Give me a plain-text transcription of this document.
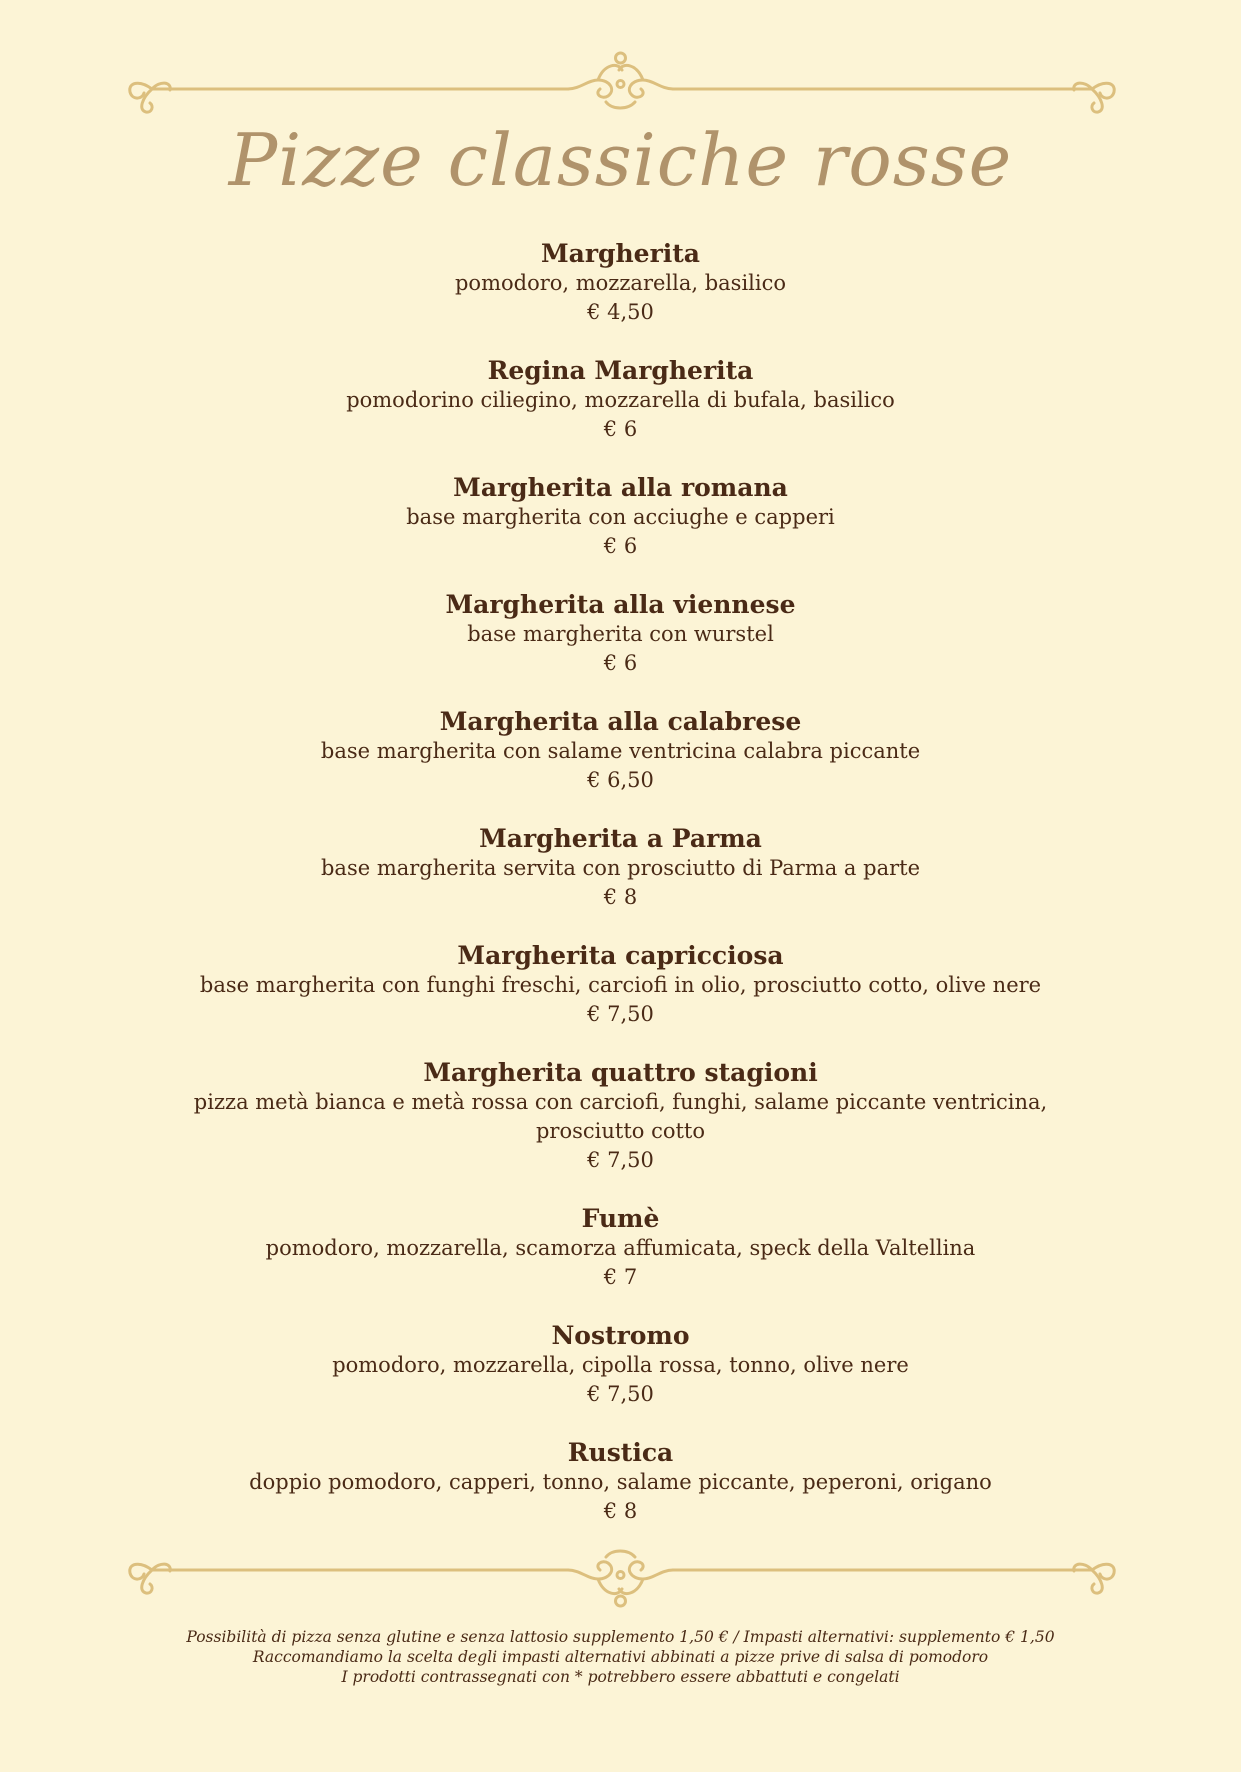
Pizze classiche rosse
Margherita
pomodoro, mozzarella, basilico
€ 4,50
Regina Margherita
pomodorino ciliegino, mozzarella di bufala, basilico
€ 6
Margherita alla romana
base margherita con acciughe e capperi
€ 6
Margherita alla viennese
base margherita con wurstel
€ 6
Margherita alla calabrese
base margherita con salame ventricina calabra piccante
€ 6,50
Margherita a Parma
base margherita servita con prosciutto di Parma a parte
€ 8
Margherita capricciosa
base margherita con funghi freschi, carciofi in olio, prosciutto cotto, olive nere
€ 7,50
Margherita quattro stagioni
pizza metà bianca e metà rossa con carciofi, funghi, salame piccante ventricina, prosciutto cotto
€ 7,50
Fumè
pomodoro, mozzarella, scamorza affumicata, speck della Valtellina
€ 7
Nostromo
pomodoro, mozzarella, cipolla rossa, tonno, olive nere
€ 7,50
Rustica
doppio pomodoro, capperi, tonno, salame piccante, peperoni, origano
€ 8
Possibilità di pizza senza glutine e senza lattosio supplemento 1,50 € / Impasti alternativi: supplemento € 1,50
Raccomandiamo la scelta degli impasti alternativi abbinati a pizze prive di salsa di pomodoro
I prodotti contrassegnati con * potrebbero essere abbattuti e congelati
